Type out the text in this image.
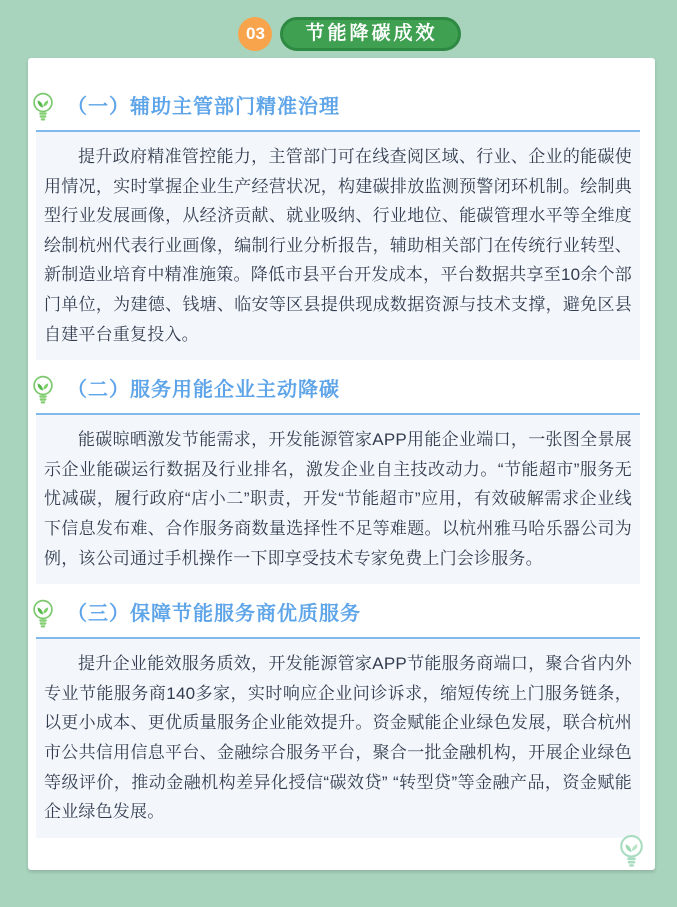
03	节能降碳成效
（一）辅助主管部门精准治理

提升政府精准管控能力，主管部门可在线查阅区域、行业、企业的能碳使用情况，实时掌握企业生产经营状况，构建碳排放监测预警闭环机制。绘制典型行业发展画像，从经济贡献、就业吸纳、行业地位、能碳管理水平等全维度绘制杭州代表行业画像，编制行业分析报告，辅助相关部门在传统行业转型、新制造业培育中精准施策。降低市县平台开发成本，平台数据共享至10余个部门单位，为建德、钱塘、临安等区县提供现成数据资源与技术支撑，避免区县自建平台重复投入。

（二）服务用能企业主动降碳

能碳晾晒激发节能需求，开发能源管家APP用能企业端口，一张图全景展示企业能碳运行数据及行业排名，激发企业自主技改动力。“节能超市”服务无忧减碳，履行政府“店小二”职责，开发“节能超市”应用，有效破解需求企业线下信息发布难、合作服务商数量选择性不足等难题。以杭州雅马哈乐器公司为例，该公司通过手机操作一下即享受技术专家免费上门会诊服务。

（三）保障节能服务商优质服务

提升企业能效服务质效，开发能源管家APP节能服务商端口，聚合省内外专业节能服务商140多家，实时响应企业问诊诉求，缩短传统上门服务链条，以更小成本、更优质量服务企业能效提升。资金赋能企业绿色发展，联合杭州市公共信用信息平台、金融综合服务平台，聚合一批金融机构，开展企业绿色等级评价，推动金融机构差异化授信“碳效贷” “转型贷”等金融产品，资金赋能企业绿色发展。
